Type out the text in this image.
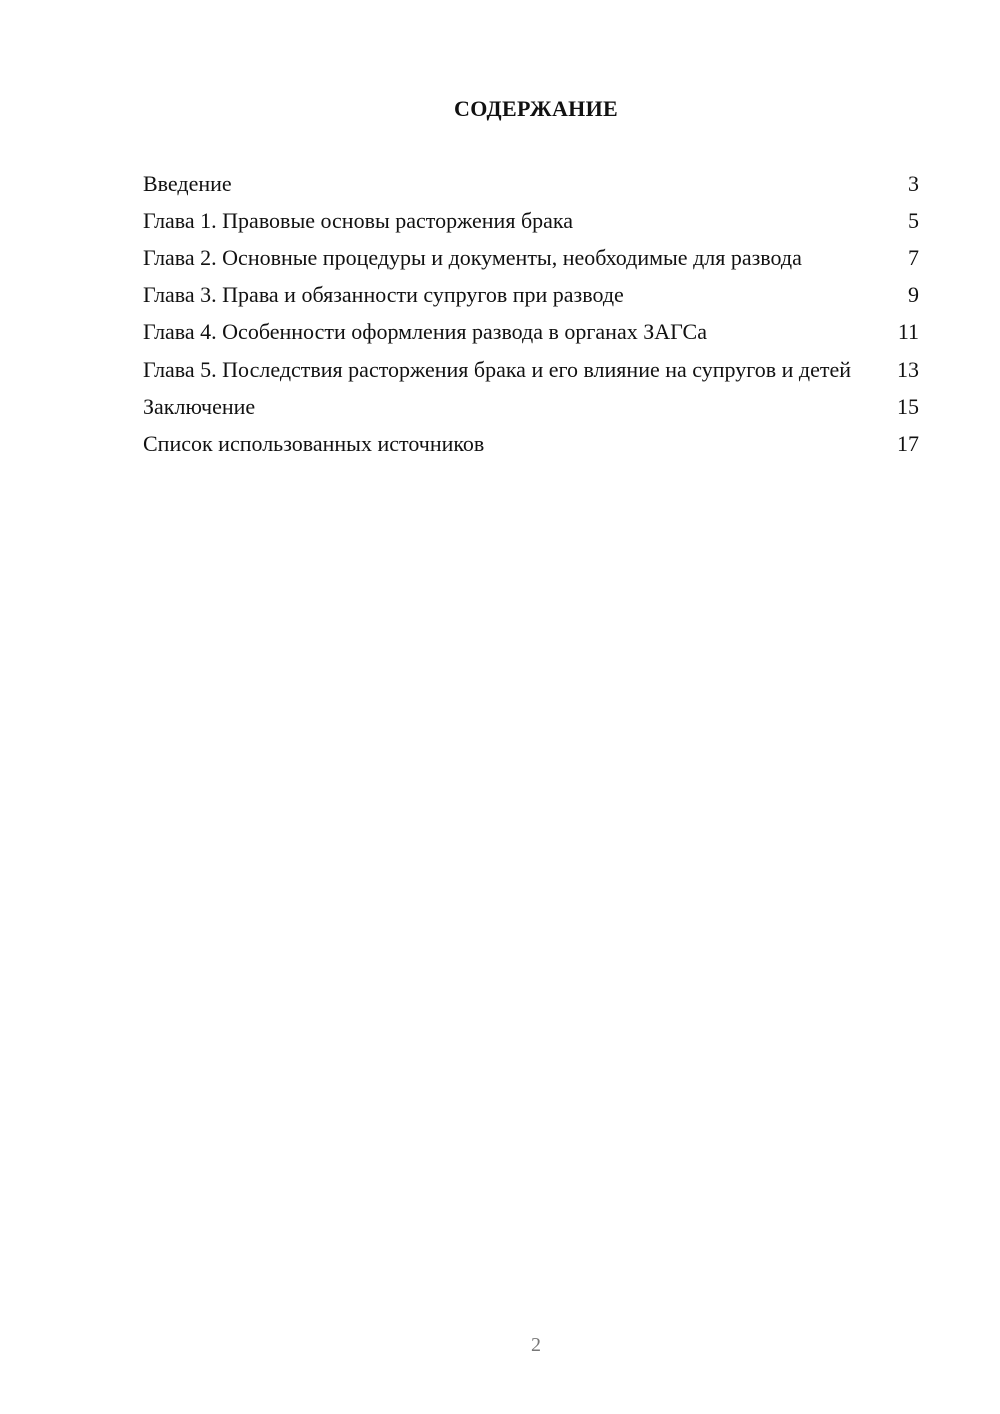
СОДЕРЖАНИЕ
Введение	3
Глава 1. Правовые основы расторжения брака	5
Глава 2. Основные процедуры и документы, необходимые для развода	7
Глава 3. Права и обязанности супругов при разводе	9
Глава 4. Особенности оформления развода в органах ЗАГСа	11
Глава 5. Последствия расторжения брака и его влияние на супругов и детей	13
Заключение	15
Список использованных источников	17
2
